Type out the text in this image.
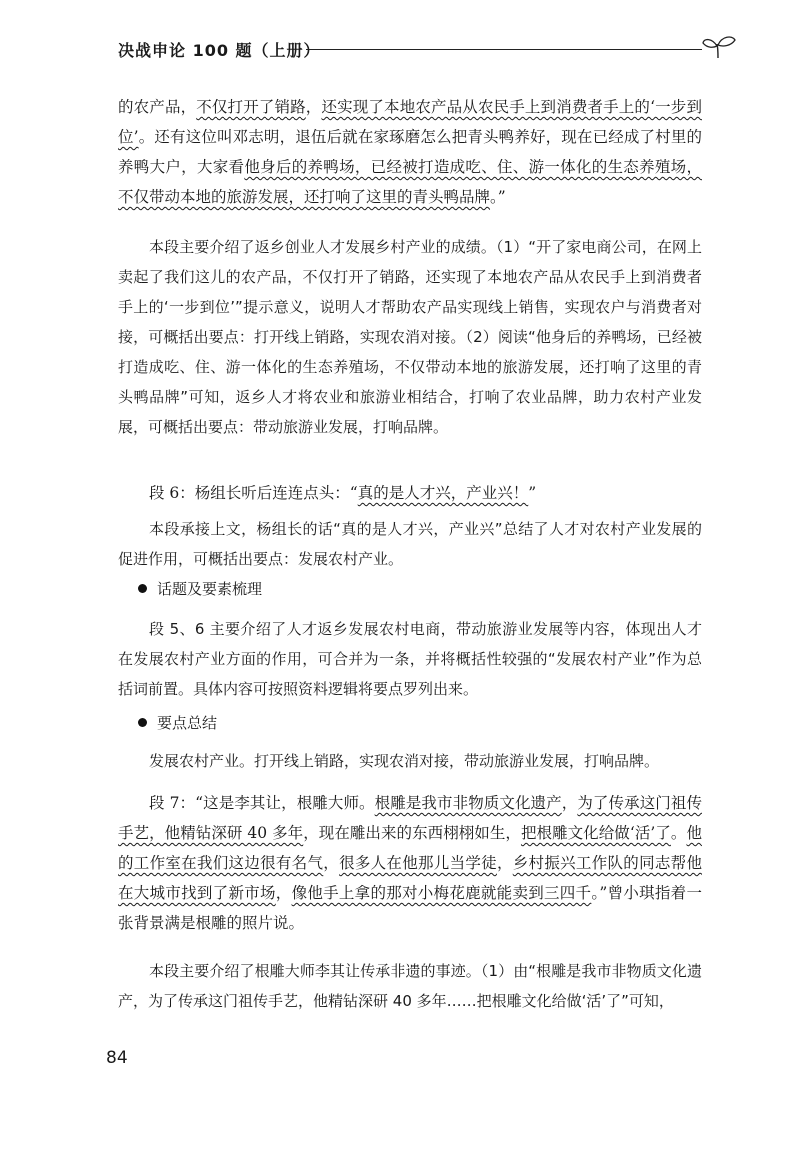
决战申论 100 题（上册）
的农产品，不仅打开了销路，还实现了本地农产品从农民手上到消费者手上的‘一步到位’。还有这位叫邓志明，退伍后就在家琢磨怎么把青头鸭养好，现在已经成了村里的养鸭大户，大家看他身后的养鸭场，已经被打造成吃、住、游一体化的生态养殖场，不仅带动本地的旅游发展，还打响了这里的青头鸭品牌。”
本段主要介绍了返乡创业人才发展乡村产业的成绩。（1）“开了家电商公司，在网上卖起了我们这儿的农产品，不仅打开了销路，还实现了本地农产品从农民手上到消费者手上的‘一步到位’”提示意义，说明人才帮助农产品实现线上销售，实现农户与消费者对接，可概括出要点：打开线上销路，实现农消对接。（2）阅读“他身后的养鸭场，已经被打造成吃、住、游一体化的生态养殖场，不仅带动本地的旅游发展，还打响了这里的青头鸭品牌”可知，返乡人才将农业和旅游业相结合，打响了农业品牌，助力农村产业发展，可概括出要点：带动旅游业发展，打响品牌。
段 6：杨组长听后连连点头：“真的是人才兴，产业兴！”
本段承接上文，杨组长的话“真的是人才兴，产业兴”总结了人才对农村产业发展的促进作用，可概括出要点：发展农村产业。
话题及要素梳理
段 5、6 主要介绍了人才返乡发展农村电商，带动旅游业发展等内容，体现出人才在发展农村产业方面的作用，可合并为一条，并将概括性较强的“发展农村产业”作为总括词前置。具体内容可按照资料逻辑将要点罗列出来。
要点总结
发展农村产业。打开线上销路，实现农消对接，带动旅游业发展，打响品牌。
段 7：“这是李其让，根雕大师。根雕是我市非物质文化遗产，为了传承这门祖传手艺，他精钻深研 40 多年，现在雕出来的东西栩栩如生，把根雕文化给做‘活’了。他的工作室在我们这边很有名气，很多人在他那儿当学徒，乡村振兴工作队的同志帮他在大城市找到了新市场，像他手上拿的那对小梅花鹿就能卖到三四千。”曾小琪指着一张背景满是根雕的照片说。
本段主要介绍了根雕大师李其让传承非遗的事迹。（1）由“根雕是我市非物质文化遗产，为了传承这门祖传手艺，他精钻深研 40 多年……把根雕文化给做‘活’了”可知，
84
